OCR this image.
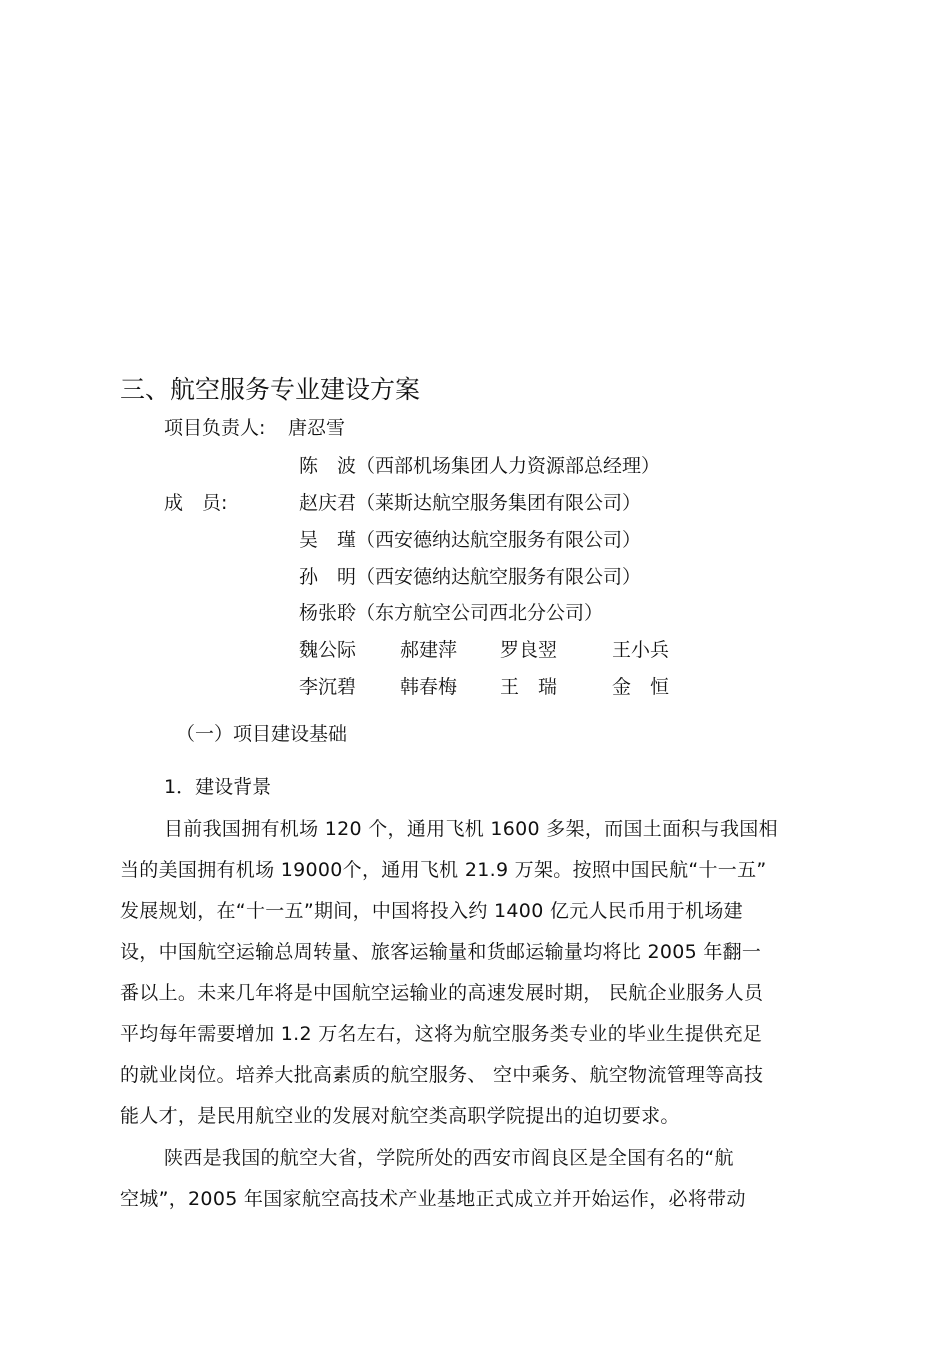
三、航空服务专业建设方案
项目负责人: 唐忍雪
陈　波（西部机场集团人力资源部总经理）
成　员:	赵庆君（莱斯达航空服务集团有限公司）
吴　瑾（西安德纳达航空服务有限公司）
孙　明（西安德纳达航空服务有限公司）
杨张聆（东方航空公司西北分公司）
魏公际 郝建萍 罗良翌	王小兵
李沉碧 韩春梅 王　瑞	金　恒
（一）项目建设基础
1．建设背景
目前我国拥有机场 120 个，通用飞机 1600 多架，而国土面积与我国相
当的美国拥有机场 19000个，通用飞机 21.9 万架。按照中国民航“十一五”
发展规划，在“十一五”期间，中国将投入约 1400 亿元人民币用于机场建
设，中国航空运输总周转量、旅客运输量和货邮运输量均将比 2005 年翻一
番以上。未来几年将是中国航空运输业的高速发展时期， 民航企业服务人员
平均每年需要增加 1.2 万名左右，这将为航空服务类专业的毕业生提供充足
的就业岗位。培养大批高素质的航空服务、 空中乘务、航空物流管理等高技
能人才，是民用航空业的发展对航空类高职学院提出的迫切要求。
陕西是我国的航空大省，学院所处的西安市阎良区是全国有名的“航
空城”，2005 年国家航空高技术产业基地正式成立并开始运作，必将带动
